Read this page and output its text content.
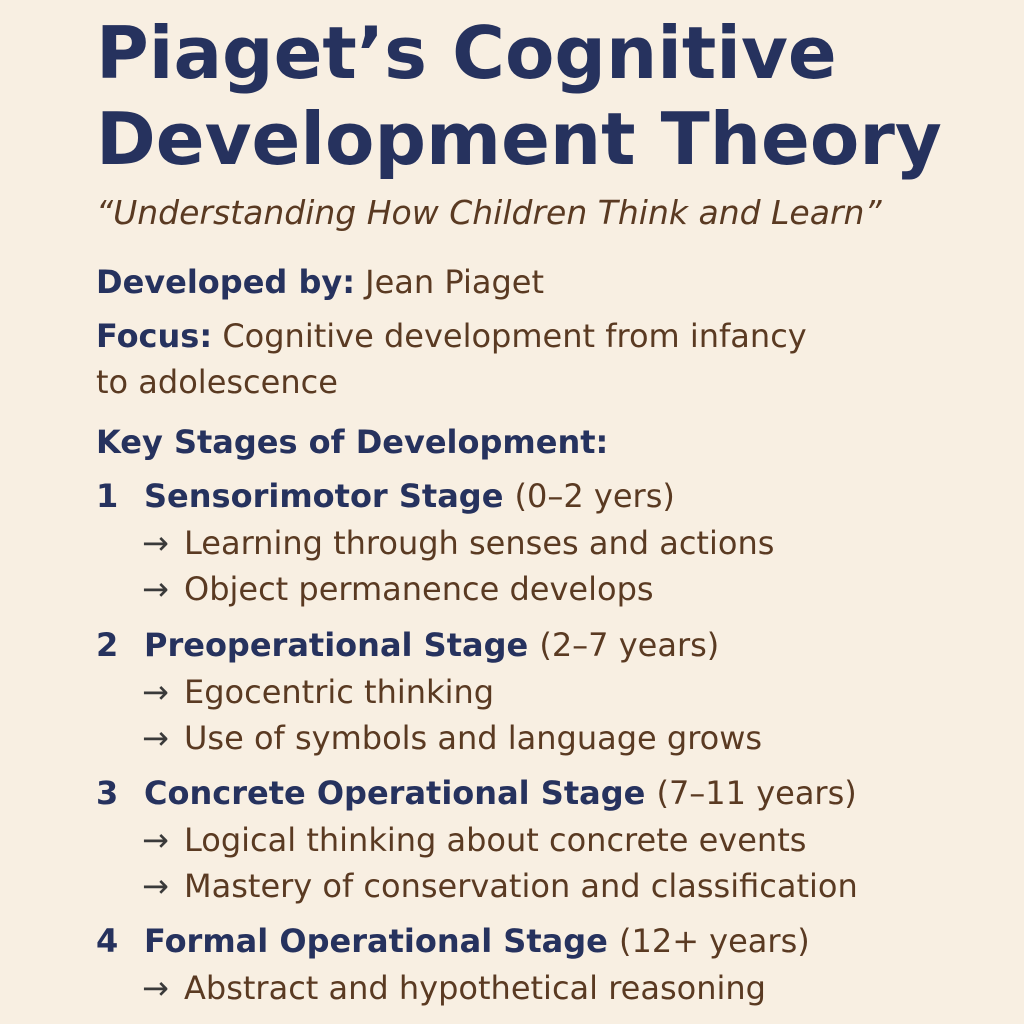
Piaget’s Cognitive
Development Theory

“Understanding How Children Think and Learn”

Developed by: Jean Piaget
Focus: Cognitive development from infancy
to adolescence
Key Stages of Development:
1 Sensorimotor Stage (0–2 yers)
→ Learning through senses and actions
→ Object permanence develops
2 Preoperational Stage (2–7 years)
→ Egocentric thinking
→ Use of symbols and language grows
3 Concrete Operational Stage (7–11 years)
→ Logical thinking about concrete events
→ Mastery of conservation and classification
4 Formal Operational Stage (12+ years)
→ Abstract and hypothetical reasoning
